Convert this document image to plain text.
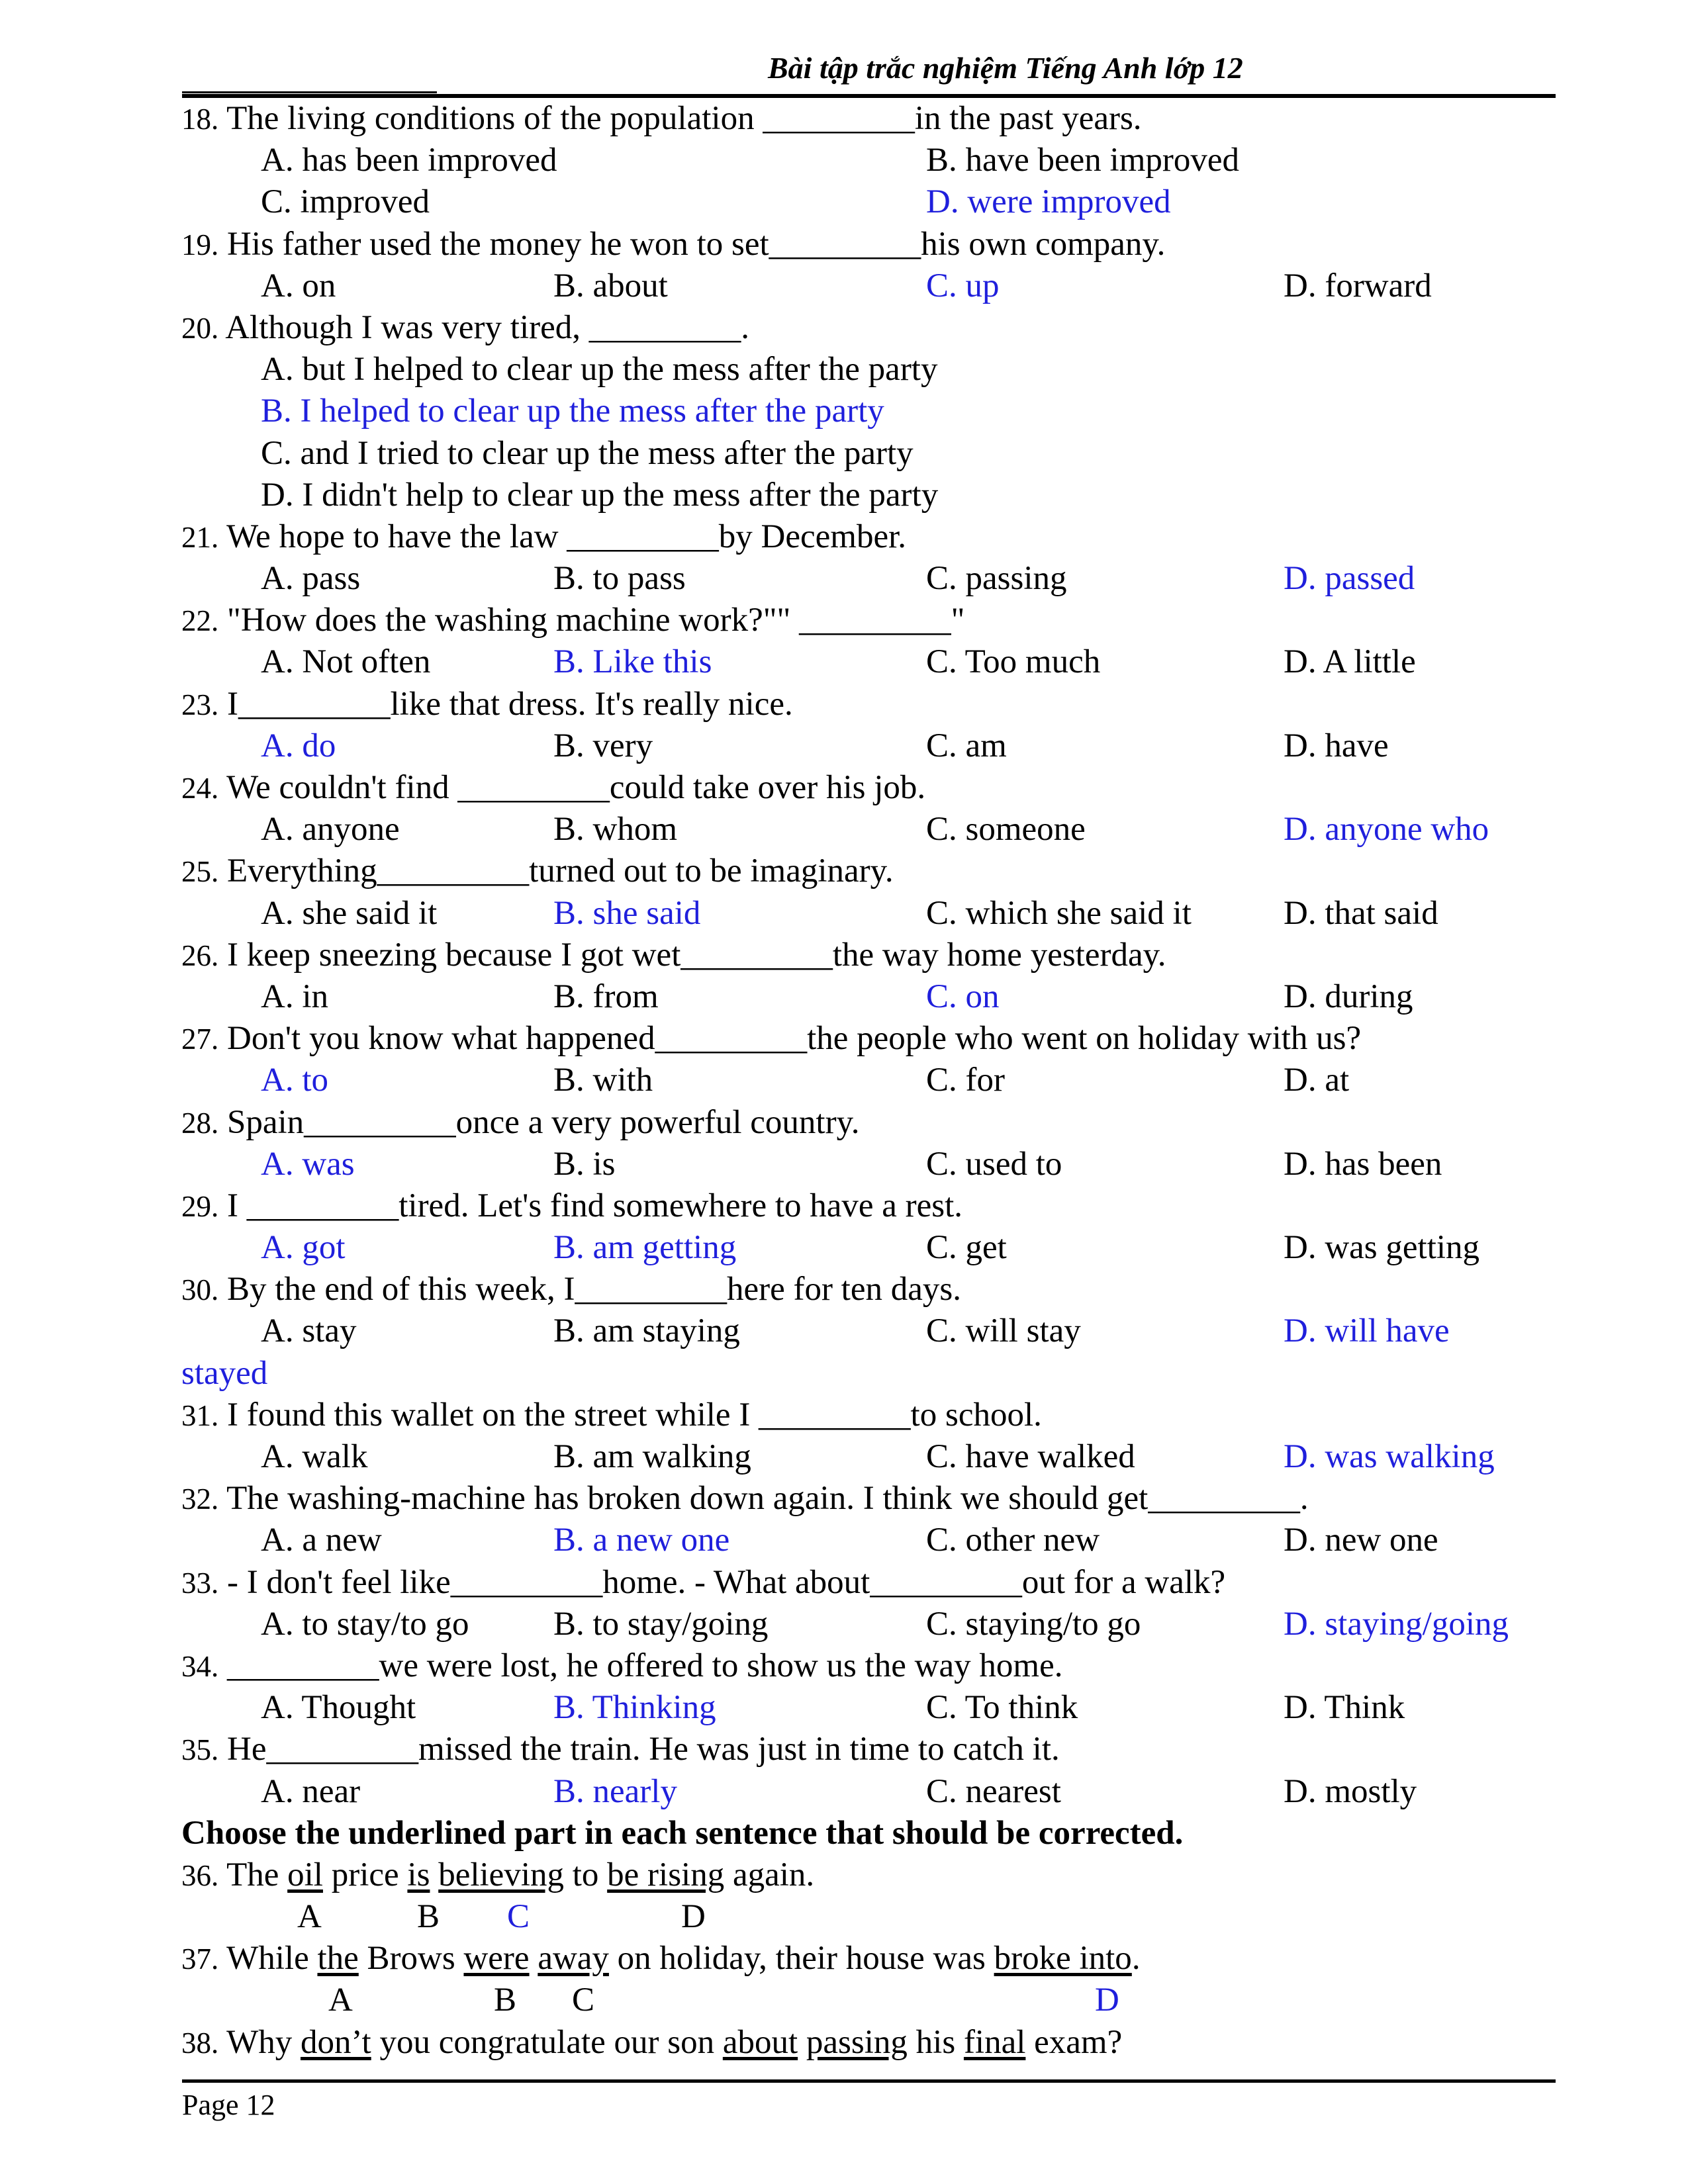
Bài tập trắc nghiệm Tiếng Anh lớp 12
18. The living conditions of the population _________in the past years.
A. has been improved	B. have been improved
C. improved	D. were improved
19. His father used the money he won to set_________his own company.
A. on	B. about	C. up	D. forward
20. Although I was very tired, _________.
A. but I helped to clear up the mess after the party
B. I helped to clear up the mess after the party
C. and I tried to clear up the mess after the party
D. I didn't help to clear up the mess after the party
21. We hope to have the law _________by December.
A. pass	B. to pass	C. passing	D. passed
22. "How does the washing machine work?"" _________"
A. Not often	B. Like this	C. Too much	D. A little
23. I_________like that dress. It's really nice.
A. do	B. very	C. am	D. have
24. We couldn't find _________could take over his job.
A. anyone	B. whom	C. someone	D. anyone who
25. Everything_________turned out to be imaginary.
A. she said it	B. she said	C. which she said it	D. that said
26. I keep sneezing because I got wet_________the way home yesterday.
A. in	B. from	C. on	D. during
27. Don't you know what happened_________the people who went on holiday with us?
A. to	B. with	C. for	D. at
28. Spain_________once a very powerful country.
A. was	B. is	C. used to	D. has been
29. I _________tired. Let's find somewhere to have a rest.
A. got	B. am getting	C. get	D. was getting
30. By the end of this week, I_________here for ten days.
A. stay	B. am staying	C. will stay	D. will have
stayed
31. I found this wallet on the street while I _________to school.
A. walk	B. am walking	C. have walked	D. was walking
32. The washing-machine has broken down again. I think we should get_________.
A. a new	B. a new one	C. other new	D. new one
33. - I don't feel like_________home. - What about_________out for a walk?
A. to stay/to go	B. to stay/going	C. staying/to go	D. staying/going
34. _________we were lost, he offered to show us the way home.
A. Thought	B. Thinking	C. To think	D. Think
35. He_________missed the train. He was just in time to catch it.
A. near	B. nearly	C. nearest	D. mostly
Choose the underlined part in each sentence that should be corrected.
36. The oil price is believing to be rising again.
A	B C	D
37. While the Brows were away on holiday, their house was broke into.
A	B C	D
38. Why don’t you congratulate our son about passing his final exam?
Page 12
